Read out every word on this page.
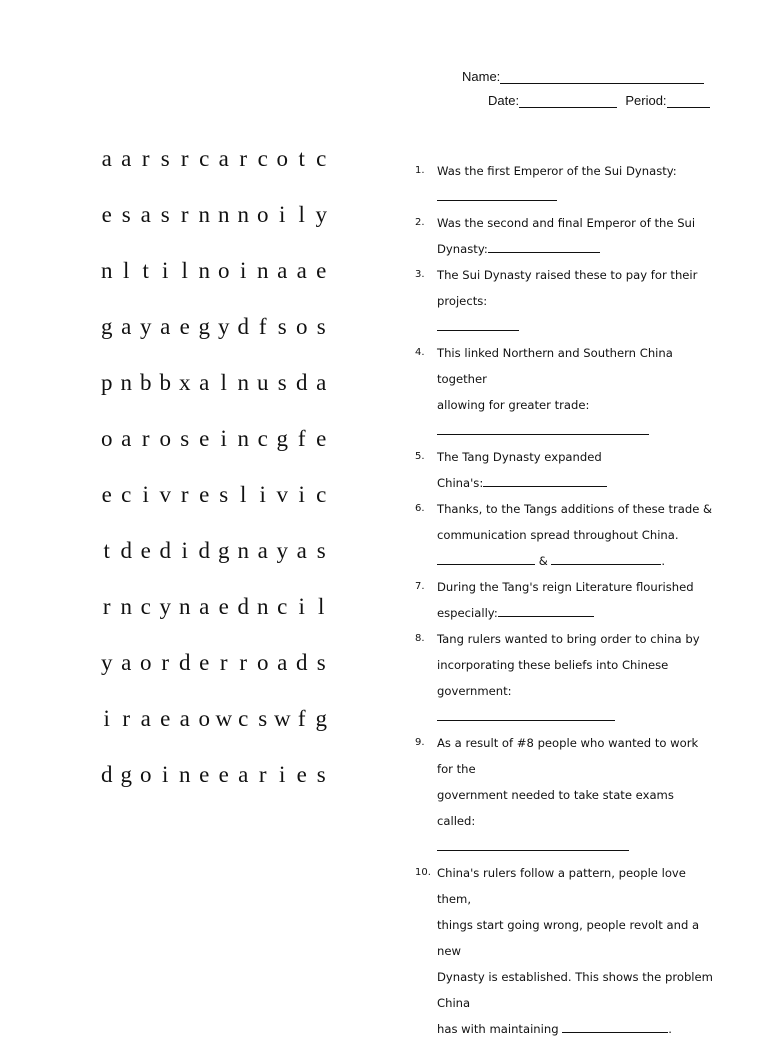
Name:
Date:	Period:
a a r s r c a r c o t c
e s a s r n n n o i l y
n l t i l n o i n a a e
g a y a e g y d f s o s
p n b b x a l n u s d a
o a r o s e i n c g f e
e c i v r e s l i v i c
t d e d i d g n a y a s
r n c y n a e d n c i l
y a o r d e r r o a d s
i r a e a o w c s w f g
d g o i n e e a r i e s
1.	Was the first Emperor of the Sui Dynasty:
2.	Was the second and final Emperor of the Sui
Dynasty:
3.	The Sui Dynasty raised these to pay for their projects:
4.	This linked Northern and Southern China together
allowing for greater trade:
5.	The Tang Dynasty expanded
China's:
6.	Thanks, to the Tangs additions of these trade &
communication spread throughout China.
&	.
7.	During the Tang's reign Literature flourished
especially:
8.	Tang rulers wanted to bring order to china by
incorporating these beliefs into Chinese government:
9.	As a result of #8 people who wanted to work for the
government needed to take state exams called:
10. China's rulers follow a pattern, people love them,
things start going wrong, people revolt and a new
Dynasty is established. This shows the problem China
has with maintaining	.
